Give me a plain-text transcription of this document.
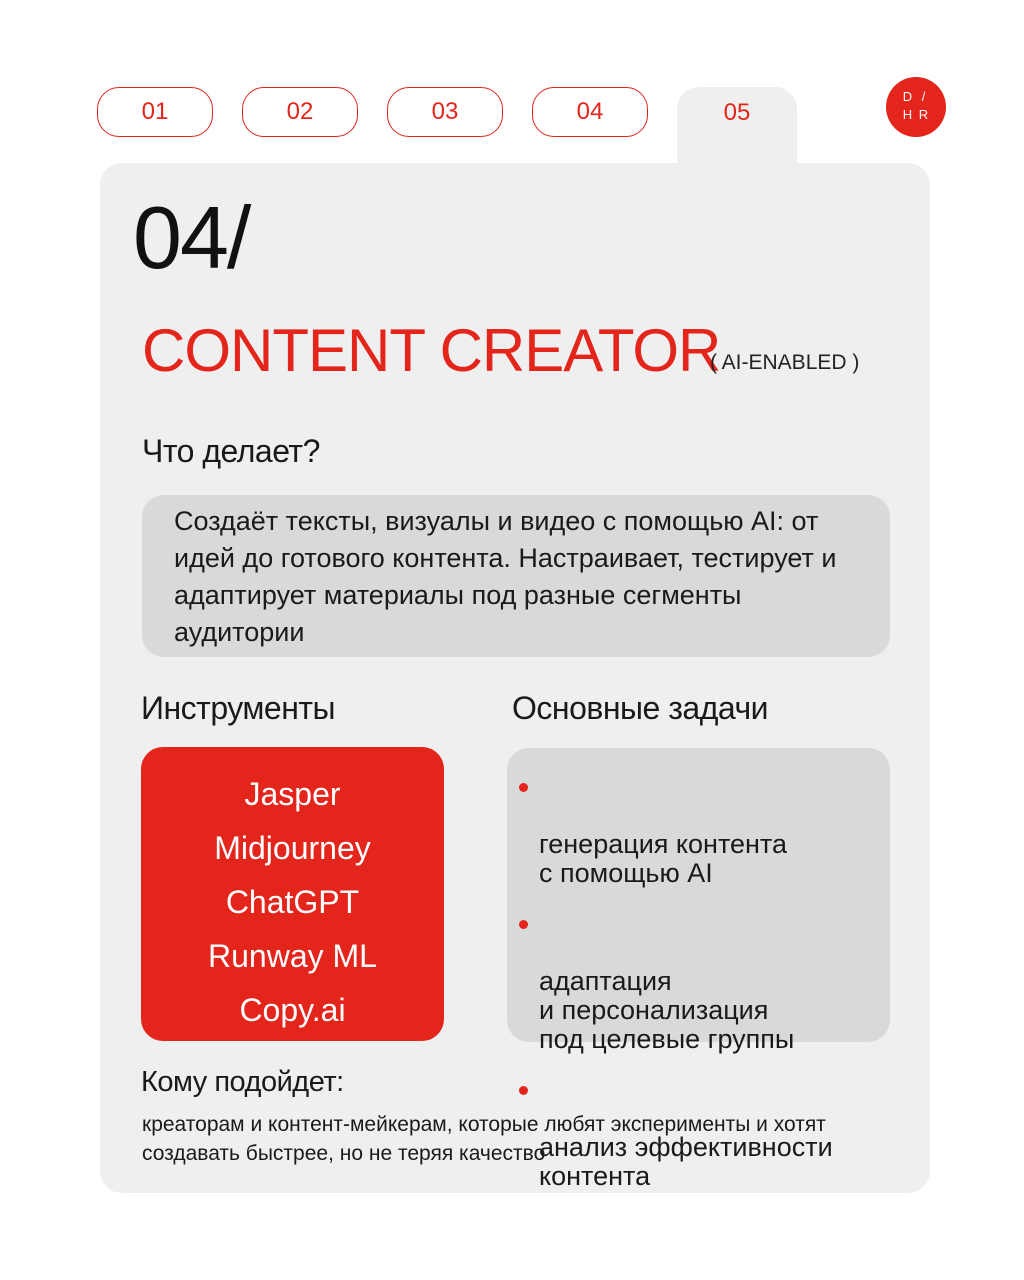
01	02	03	04	05
D /
H R
04/
CONTENT CREATOR
( AI-ENABLED )
Что делает?
Создаёт тексты, визуалы и видео с помощью AI: от идей до готового контента. Настраивает, тестирует и адаптирует материалы под разные сегменты аудитории
Инструменты	Основные задачи
Jasper
Midjourney
ChatGPT
Runway ML
Copy.ai

генерация контента
с помощью AI

адаптация
и персонализация
под целевые группы

анализ эффективности
контента

Кому подойдет:
креаторам и контент-мейкерам, которые любят эксперименты и хотят создавать быстрее, но не теряя качество
